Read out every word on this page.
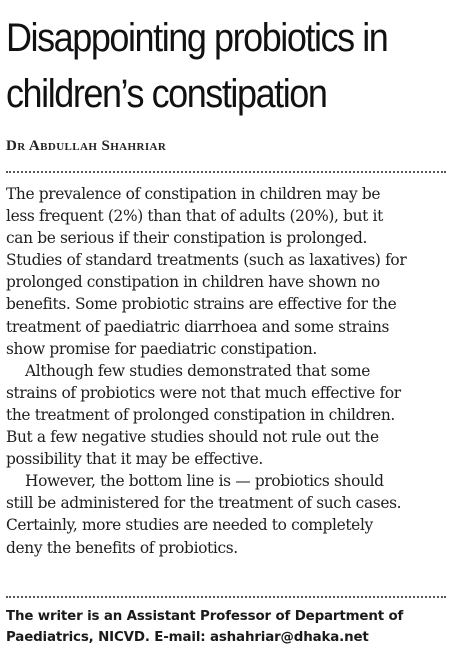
Disappointing probiotics in
children’s constipation
Dr Abdullah Shahriar

The prevalence of constipation in children may be
less frequent (2%) than that of adults (20%), but it
can be serious if their constipation is prolonged.
Studies of standard treatments (such as laxatives) for
prolonged constipation in children have shown no
benefits. Some probiotic strains are effective for the
treatment of paediatric diarrhoea and some strains
show promise for paediatric constipation.

Although few studies demonstrated that some
strains of probiotics were not that much effective for
the treatment of prolonged constipation in children.
But a few negative studies should not rule out the
possibility that it may be effective.

However, the bottom line is — probiotics should
still be administered for the treatment of such cases.
Certainly, more studies are needed to completely
deny the benefits of probiotics.

The writer is an Assistant Professor of Department of
Paediatrics, NICVD. E-mail: ashahriar@dhaka.net
